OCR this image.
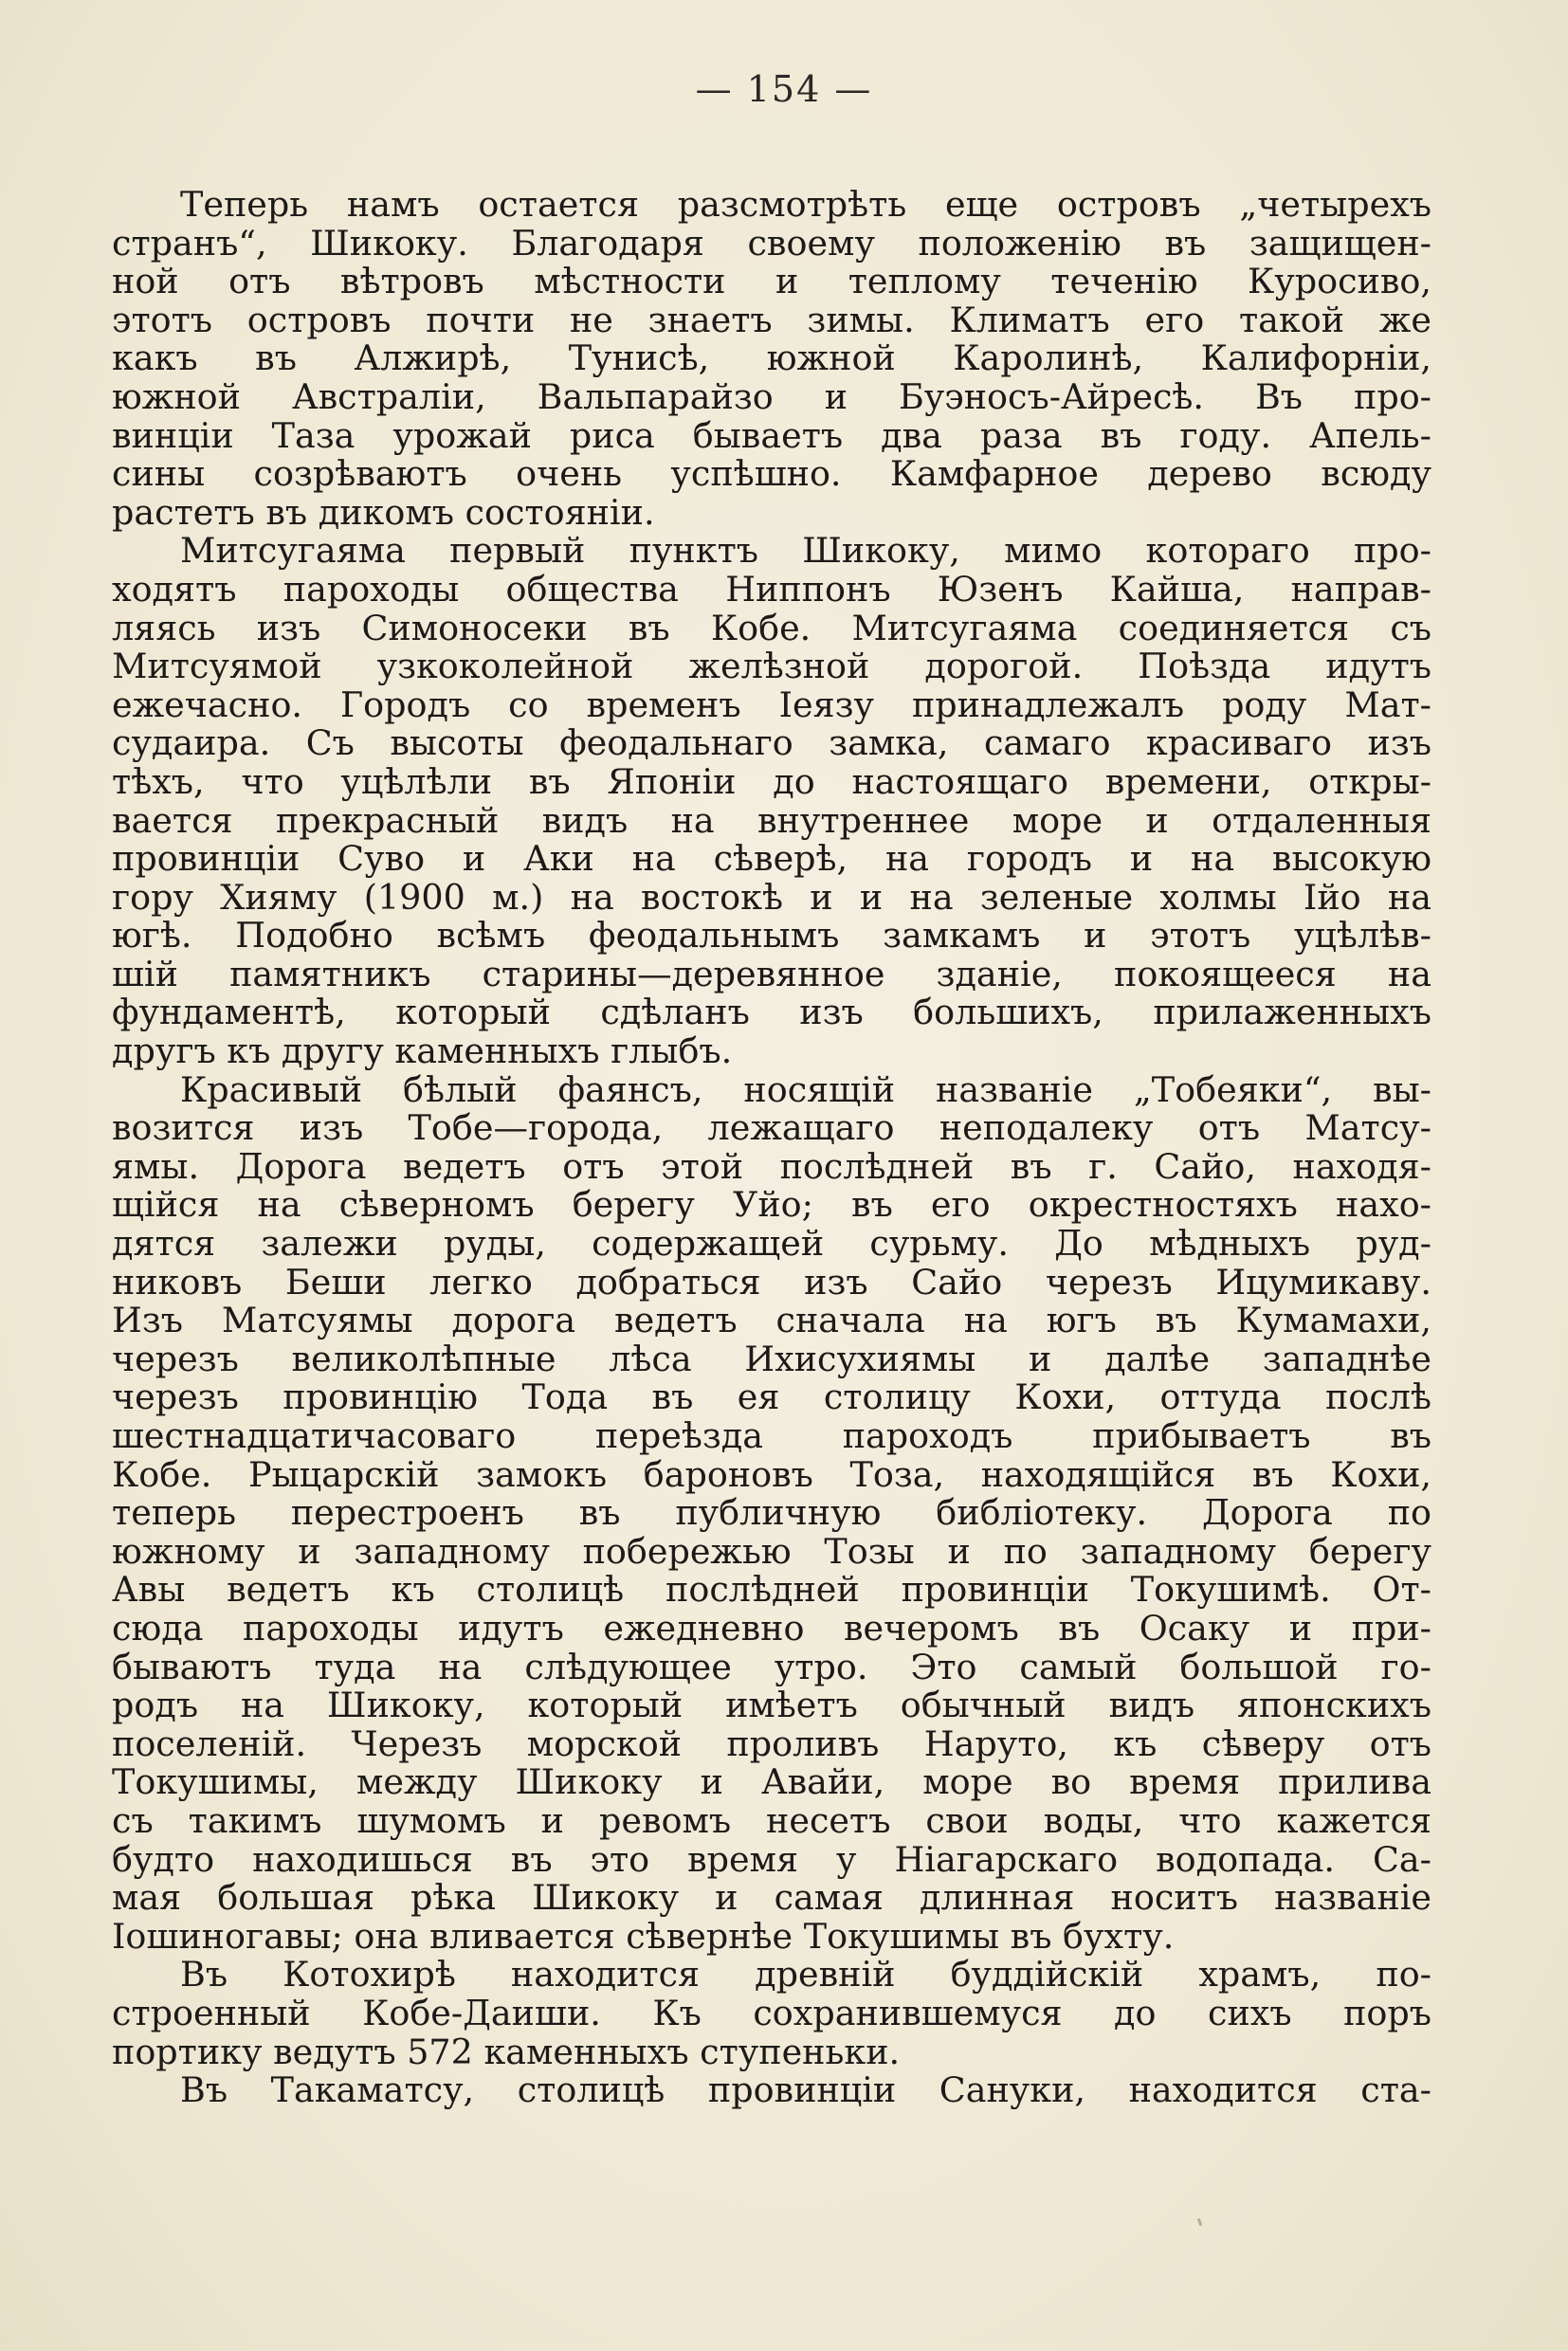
— 154 —
Теперь намъ остается разсмотрѣть еще островъ „четырехъ
странъ“, Шикоку. Благодаря своему положенію въ защищен-
ной отъ вѣтровъ мѣстности и теплому теченію Куросиво,
этотъ островъ почти не знаетъ зимы. Климатъ его такой же
какъ въ Алжирѣ, Тунисѣ, южной Каролинѣ, Калифорніи,
южной Австраліи, Вальпарайзо и Буэносъ-Айресѣ. Въ про-
винціи Таза урожай риса бываетъ два раза въ году. Апель-
сины созрѣваютъ очень успѣшно. Камфарное дерево всюду
растетъ въ дикомъ состояніи.
Митсугаяма первый пунктъ Шикоку, мимо котораго про-
ходятъ пароходы общества Ниппонъ Юзенъ Кайша, направ-
ляясь изъ Симоносеки въ Кобе. Митсугаяма соединяется съ
Митсуямой узкоколейной желѣзной дорогой. Поѣзда идутъ
ежечасно. Городъ со временъ Іеязу принадлежалъ роду Мат-
судаира. Съ высоты феодальнаго замка, самаго красиваго изъ
тѣхъ, что уцѣлѣли въ Японіи до настоящаго времени, откры-
вается прекрасный видъ на внутреннее море и отдаленныя
провинціи Суво и Аки на сѣверѣ, на городъ и на высокую
гору Хияму (1900 м.) на востокѣ и и на зеленые холмы Ійо на
югѣ. Подобно всѣмъ феодальнымъ замкамъ и этотъ уцѣлѣв-
шій памятникъ старины—деревянное зданіе, покоящееся на
фундаментѣ, который сдѣланъ изъ большихъ, прилаженныхъ
другъ къ другу каменныхъ глыбъ.
Красивый бѣлый фаянсъ, носящій названіе „Тобеяки“, вы-
возится изъ Тобе—города, лежащаго неподалеку отъ Матсу-
ямы. Дорога ведетъ отъ этой послѣдней въ г. Сайо, находя-
щійся на сѣверномъ берегу Уйо; въ его окрестностяхъ нахо-
дятся залежи руды, содержащей сурьму. До мѣдныхъ руд-
никовъ Беши легко добраться изъ Сайо черезъ Ицумикаву.
Изъ Матсуямы дорога ведетъ сначала на югъ въ Кумамахи,
черезъ великолѣпные лѣса Ихисухиямы и далѣе западнѣе
черезъ провинцію Тода въ ея столицу Кохи, оттуда послѣ
шестнадцатичасоваго переѣзда пароходъ прибываетъ въ
Кобе. Рыцарскій замокъ бароновъ Тоза, находящійся въ Кохи,
теперь перестроенъ въ публичную библіотеку. Дорога по
южному и западному побережью Тозы и по западному берегу
Авы ведетъ къ столицѣ послѣдней провинціи Токушимѣ. От-
сюда пароходы идутъ ежедневно вечеромъ въ Осаку и при-
бываютъ туда на слѣдующее утро. Это самый большой го-
родъ на Шикоку, который имѣетъ обычный видъ японскихъ
поселеній. Черезъ морской проливъ Наруто, къ сѣверу отъ
Токушимы, между Шикоку и Авайи, море во время прилива
съ такимъ шумомъ и ревомъ несетъ свои воды, что кажется
будто находишься въ это время у Ніагарскаго водопада. Са-
мая большая рѣка Шикоку и самая длинная носитъ названіе
Іошиногавы; она вливается сѣвернѣе Токушимы въ бухту.
Въ Котохирѣ находится древній буддійскій храмъ, по-
строенный Кобе-Даиши. Къ сохранившемуся до сихъ поръ
портику ведутъ 572 каменныхъ ступеньки.
Въ Такаматсу, столицѣ провинціи Сануки, находится ста-
